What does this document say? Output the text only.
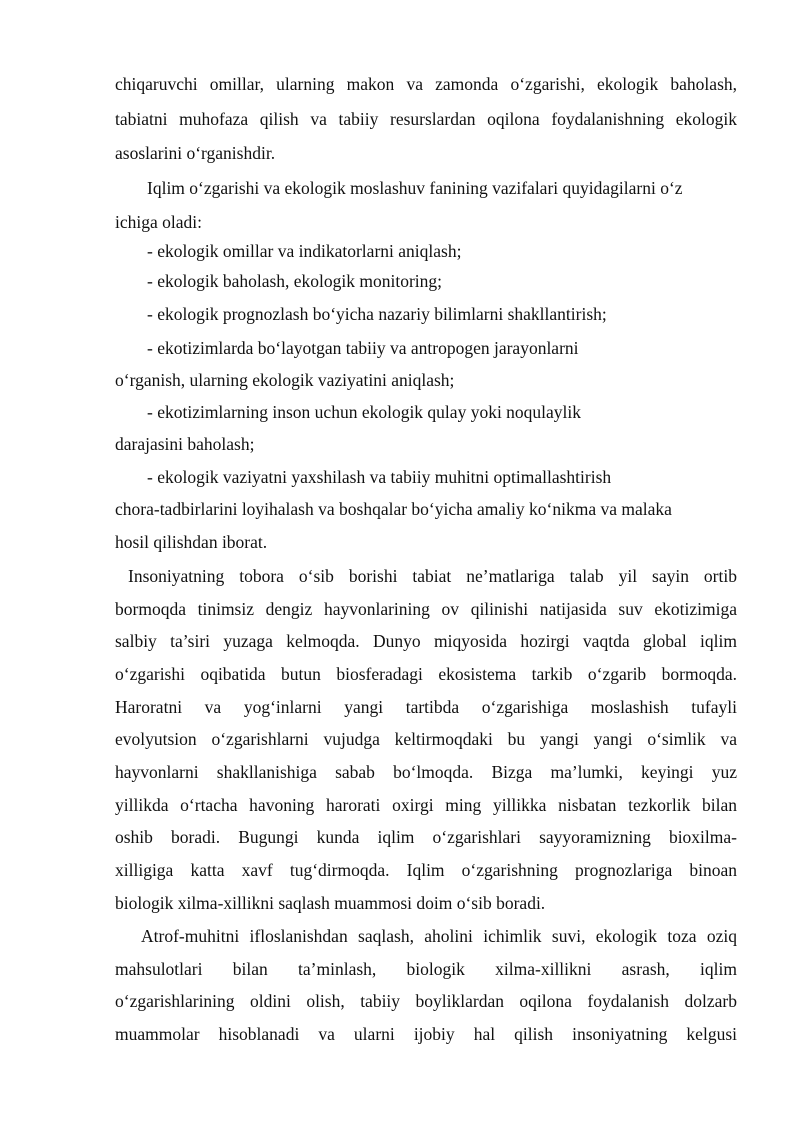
chiqaruvchi omillar, ularning makon va zamonda o‘zgarishi, ekologik baholash,
tabiatni muhofaza qilish va tabiiy resurslardan oqilona foydalanishning ekologik
asoslarini o‘rganishdir.
Iqlim o‘zgarishi va ekologik moslashuv fanining vazifalari quyidagilarni o‘z
ichiga oladi:
- ekologik omillar va indikatorlarni aniqlash;
- ekologik baholash, ekologik monitoring;
- ekologik prognozlash bo‘yicha nazariy bilimlarni shakllantirish;
- ekotizimlarda bo‘layotgan tabiiy va antropogen jarayonlarni
o‘rganish, ularning ekologik vaziyatini aniqlash;
- ekotizimlarning inson uchun ekologik qulay yoki noqulaylik
darajasini baholash;
- ekologik vaziyatni yaxshilash va tabiiy muhitni optimallashtirish
chora-tadbirlarini loyihalash va boshqalar bo‘yicha amaliy ko‘nikma va malaka
hosil qilishdan iborat.
Insoniyatning tobora o‘sib borishi tabiat ne’matlariga talab yil sayin ortib
bormoqda tinimsiz dengiz hayvonlarining ov qilinishi natijasida suv ekotizimiga
salbiy ta’siri yuzaga kelmoqda. Dunyo miqyosida hozirgi vaqtda global iqlim
o‘zgarishi oqibatida butun biosferadagi ekosistema tarkib o‘zgarib bormoqda.
Haroratni va yog‘inlarni yangi tartibda o‘zgarishiga moslashish tufayli
evolyutsion o‘zgarishlarni vujudga keltirmoqdaki bu yangi yangi o‘simlik va
hayvonlarni shakllanishiga sabab bo‘lmoqda. Bizga ma’lumki, keyingi yuz
yillikda o‘rtacha havoning harorati oxirgi ming yillikka nisbatan tezkorlik bilan
oshib boradi. Bugungi kunda iqlim o‘zgarishlari sayyoramizning bioxilma-
xilligiga katta xavf tug‘dirmoqda. Iqlim o‘zgarishning prognozlariga binoan
biologik xilma-xillikni saqlash muammosi doim o‘sib boradi.
Atrof-muhitni ifloslanishdan saqlash, aholini ichimlik suvi, ekologik toza oziq
mahsulotlari bilan ta’minlash, biologik xilma-xillikni asrash, iqlim
o‘zgarishlarining oldini olish, tabiiy boyliklardan oqilona foydalanish dolzarb
muammolar hisoblanadi va ularni ijobiy hal qilish insoniyatning kelgusi
